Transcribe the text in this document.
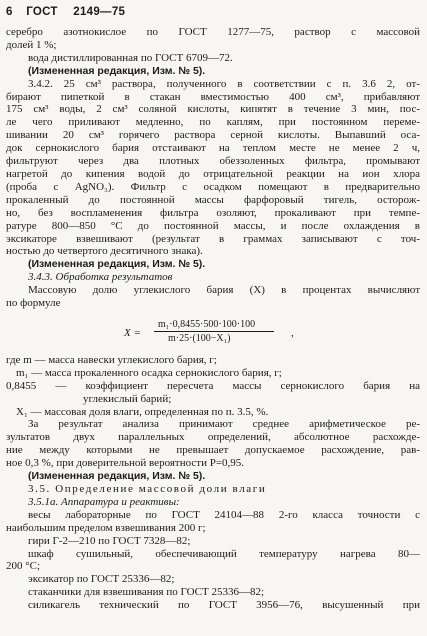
6 ГОСТ 2149—75
серебро азотнокислое по ГОСТ 1277—75, раствор с массовой
долей 1 %;
вода дистиллированная по ГОСТ 6709—72.
(Измененная редакция, Изм. № 5).
3.4.2. 25 см³ раствора, полученного в соответствии с п. 3.6 2, от-
бирают пипеткой в стакан вместимостью 400 см³, прибавляют
175 см³ воды, 2 см³ соляной кислоты, кипятят в течение 3 мин, пос-
ле чего приливают медленно, по каплям, при постоянном переме-
шивании 20 см³ горячего раствора серной кислоты. Выпавший оса-
док сернокислого бария отстаивают на теплом месте не менее 2 ч,
фильтруют через два плотных обеззоленных фильтра, промывают
нагретой до кипения водой до отрицательной реакции на ион хлора
(проба с AgNO₃). Фильтр с осадком помещают в предварительно
прокаленный до постоянной массы фарфоровый тигель, осторож-
но, без воспламенения фильтра озоляют, прокаливают при темпе-
ратуре 800—850 °С до постоянной массы, и после охлаждения в
эксикаторе взвешивают (результат в граммах записывают с точ-
ностью до четвертого десятичного знака).
(Измененная редакция, Изм. № 5).
3.4.3. Обработка результатов
Массовую долю углекислого бария (X) в процентах вычисляют
по формуле
X =
m₁·0,8455·500·100·100
m·25·(100−X₁)	,
где m — масса навески углекислого бария, г;
m₁ — масса прокаленного осадка сернокислого бария, г;
0,8455 — коэффициент пересчета массы сернокислого бария на
углекислый барий;
X₁ — массовая доля влаги, определенная по п. 3.5, %.
За результат анализа принимают среднее арифметическое ре-
зультатов двух параллельных определений, абсолютное расхожде-
ние между которыми не превышает допускаемое расхождение, рав-
ное 0,3 %, при доверительной вероятности P=0,95.
(Измененная редакция, Изм. № 5).
3.5. Определение массовой доли влаги
3.5.1а. Аппаратура и реактивы:
весы лабораторные по ГОСТ 24104—88 2-го класса точности с
наибольшим пределом взвешивания 200 г;
гири Г-2—210 по ГОСТ 7328—82;
шкаф сушильный, обеспечивающий температуру нагрева 80—
200 °С;
эксикатор по ГОСТ 25336—82;
стаканчики для взвешивания по ГОСТ 25336—82;
силикагель технический по ГОСТ 3956—76, высушенный при
